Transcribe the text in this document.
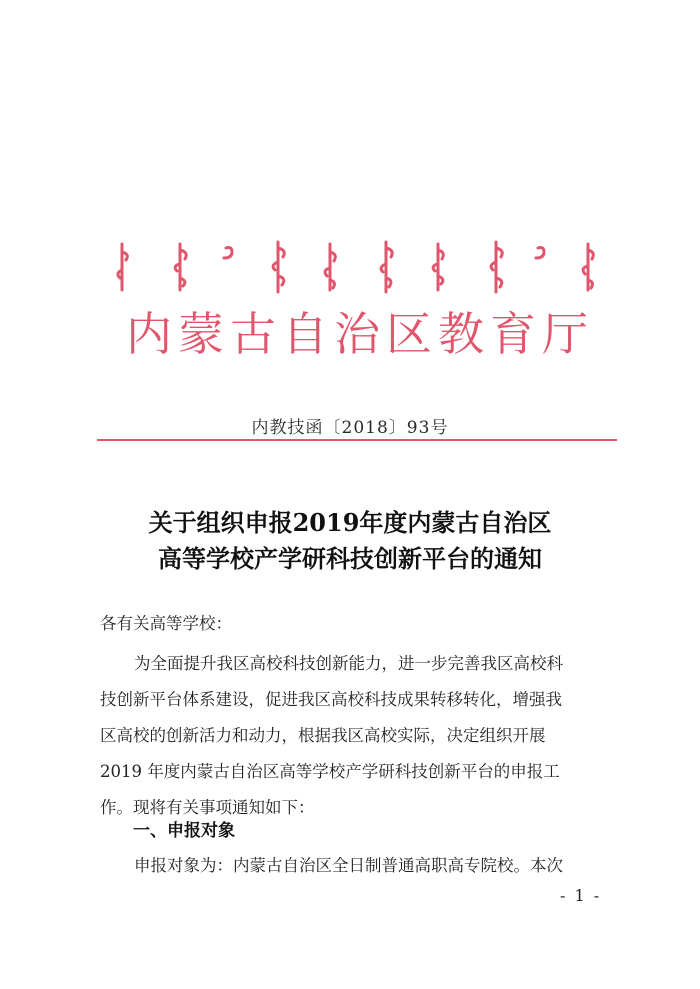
内蒙古自治区教育厅
内教技函〔2018〕93号
关于组织申报2019年度内蒙古自治区
高等学校产学研科技创新平台的通知
各有关高等学校：
为全面提升我区高校科技创新能力，进一步完善我区高校科
技创新平台体系建设，促进我区高校科技成果转移转化，增强我
区高校的创新活力和动力，根据我区高校实际，决定组织开展
2019 年度内蒙古自治区高等学校产学研科技创新平台的申报工
作。现将有关事项通知如下：
一、申报对象
申报对象为：内蒙古自治区全日制普通高职高专院校。本次
- 1 -
